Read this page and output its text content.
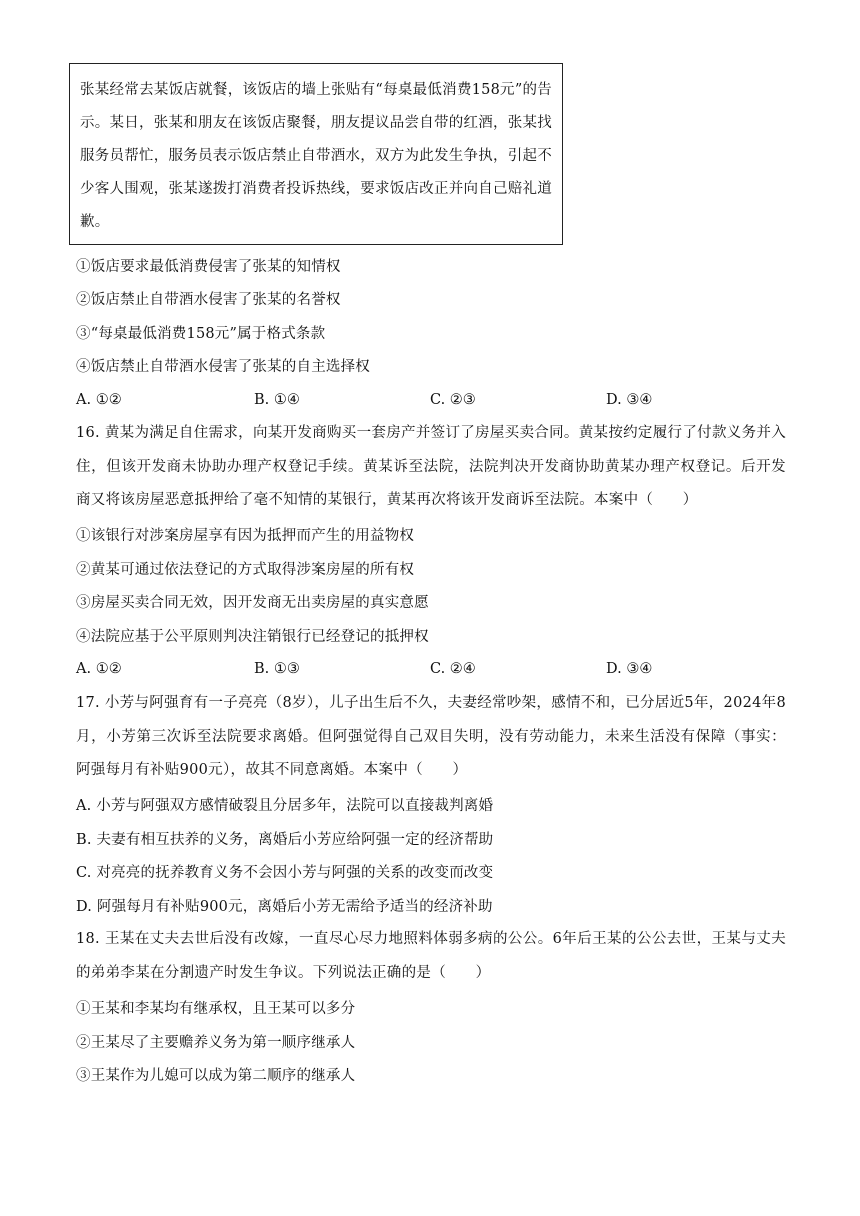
张某经常去某饭店就餐，该饭店的墙上张贴有“每桌最低消费158元”的告示。某日，张某和朋友在该饭店聚餐，朋友提议品尝自带的红酒，张某找服务员帮忙，服务员表示饭店禁止自带酒水，双方为此发生争执，引起不少客人围观，张某遂拨打消费者投诉热线，要求饭店改正并向自己赔礼道歉。

①饭店要求最低消费侵害了张某的知情权
②饭店禁止自带酒水侵害了张某的名誉权
③“每桌最低消费158元”属于格式条款
④饭店禁止自带酒水侵害了张某的自主选择权
A. ①②	B. ①④	C. ②③	D. ③④

16. 黄某为满足自住需求，向某开发商购买一套房产并签订了房屋买卖合同。黄某按约定履行了付款义务并入住，但该开发商未协助办理产权登记手续。黄某诉至法院，法院判决开发商协助黄某办理产权登记。后开发商又将该房屋恶意抵押给了毫不知情的某银行，黄某再次将该开发商诉至法院。本案中（　　）

①该银行对涉案房屋享有因为抵押而产生的用益物权
②黄某可通过依法登记的方式取得涉案房屋的所有权
③房屋买卖合同无效，因开发商无出卖房屋的真实意愿
④法院应基于公平原则判决注销银行已经登记的抵押权
A. ①②	B. ①③	C. ②④	D. ③④

17. 小芳与阿强育有一子亮亮（8岁），儿子出生后不久，夫妻经常吵架，感情不和，已分居近5年，2024年8月，小芳第三次诉至法院要求离婚。但阿强觉得自己双目失明，没有劳动能力，未来生活没有保障（事实：阿强每月有补贴900元），故其不同意离婚。本案中（　　）

A. 小芳与阿强双方感情破裂且分居多年，法院可以直接裁判离婚
B. 夫妻有相互扶养的义务，离婚后小芳应给阿强一定的经济帮助
C. 对亮亮的抚养教育义务不会因小芳与阿强的关系的改变而改变
D. 阿强每月有补贴900元，离婚后小芳无需给予适当的经济补助

18. 王某在丈夫去世后没有改嫁，一直尽心尽力地照料体弱多病的公公。6年后王某的公公去世，王某与丈夫的弟弟李某在分割遗产时发生争议。下列说法正确的是（　　）

①王某和李某均有继承权，且王某可以多分
②王某尽了主要赡养义务为第一顺序继承人
③王某作为儿媳可以成为第二顺序的继承人
